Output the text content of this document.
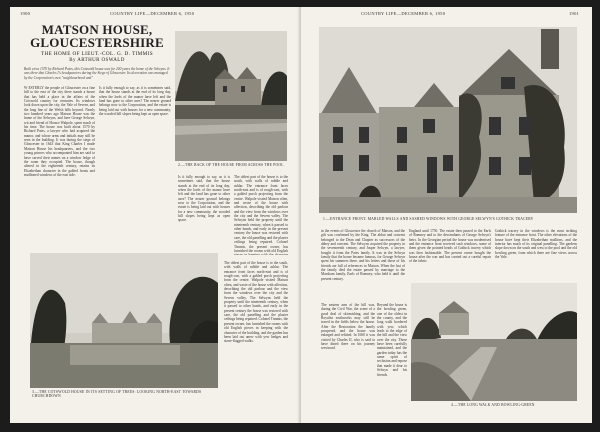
1900	COUNTRY LIFE—DECEMBER 6, 1950
MATSON HOUSE,
GLOUCESTERSHIRE
THE HOME OF LIEUT.-COL. G. D. TIMMIS
By ARTHUR OSWALD
Built circa 1570 by Richard Pates, this Cotswold house was for 200 years the home of the Selwyns. It was there that Charles I's headquarters during the Siege of Gloucester. Its decoration was managed by the Corporation's own "neighbourhood unit"
W ESTERLY the people of Gloucester on a fine hill to the east of the city there stands a house that has held a place in the affairs of the Cotswold country for centuries. Its windows look down upon the city, the Vale of Severn, and the long line of the Welsh hills beyond. Nearly two hundred years ago Matson House was the home of the Selwyns, and here George Selwyn, wit and friend of Horace Walpole, spent much of his time. The house was built about 1570 by Richard Pates, a lawyer who had acquired the manor, and whose arms and initials may still be seen in the building. It was during the siege of Gloucester in 1643 that King Charles I made Matson House his headquarters, and the two young princes who accompanied him are said to have carved their names on a window ledge of the room they occupied. The house, though altered in the eighteenth century, retains its Elizabethan character in the gabled fronts and mullioned windows of the east side.
Is it fully enough to say, as it is sometimes said, that the house stands at the end of its long day, when the lords of the manor have left and the land has gone to other uses? The nearer ground belongs now to the Corporation, and the estate is being laid out with houses for a new community, the wooded hill slopes being kept as open space.
2.—THE BACK OF THE HOUSE FROM ACROSS THE POOL
Is it fully enough to say, as it is sometimes said, that the house stands at the end of its long day, when the lords of the manor have left and the land has gone to other uses? The nearer ground belongs now to the Corporation, and the estate is being laid out with houses for a new community, the wooded hill slopes being kept as open space.
The oldest part of the house is to the south, with walls of rubble and ashlar. The entrance front faces north-east and is of rough-cast, with a gabled porch projecting from the centre. Walpole visited Matson often, and wrote of the house with affection, describing the old parlour and the view from the windows over the city and the Severn valley. The Selwyns held the property until the nineteenth century, when it passed to other hands, and early in the present century the house was restored with care, the old panelling and the plaster ceilings being repaired. Colonel Timmis, the present owner, has furnished the rooms with old English
3.—THE COTSWOLD HOUSE IN ITS SETTING OF TREES: LOOKING NORTH-EAST TOWARDS CHURCHDOWN
The oldest part of the house is to the south, with walls of rubble and ashlar. The entrance front faces north-east and is of rough-cast, with a gabled porch projecting from the centre. Walpole visited Matson often, and wrote of the house with affection, describing the old parlour and the view from the windows over the city and the Severn valley. The Selwyns held the property until the nineteenth century, when it passed to other hands, and early in the present century the house was restored with care, the old panelling and the plaster ceilings being repaired. Colonel Timmis, the present owner, has furnished the rooms with old English pieces in keeping with the character of the building, and the garden has been laid out anew with yew hedges and stone-flagged walks.
COUNTRY LIFE—DECEMBER 6, 1950	1901
1.—ENTRANCE FRONT: MARLED WALLS AND SASHED WINDOWS WITH GEORGE SELWYN'S GOTHICK TRACERY
in the events of Gloucester the church of Matson, and the gift was confirmed by the King. The abbot and convent belonged to the Dean and Chapter as successors of the abbey and convent. The Selwyns acquired the property in the seventeenth century, and Jasper Selwyn, a lawyer, bought it from the Pates family. It was in the Selwyn family that the house became famous, for George Selwyn spent his summers there, and his letters and those of his friends are full of references to Matson. When the last of the family died the estate passed by marriage to the Marsham family, Earls of Romney, who held it until the present century.
England until 1750. The estate then passed to the Earls of Romney and to the descendants of George Selwyn's heirs. In the Georgian period the house was modernised and the entrance front received sash windows, some of them given the pointed heads of Gothick tracery which was then fashionable. The present owner bought the house after the war and has carried out a careful repair of the fabric.
Gothick tracery in the windows is the most striking feature of the entrance front. The other elevations of the house have kept their Elizabethan mullions, and the interior has much of its original panelling. The gardens slope down on the south and west to the pool and the old bowling green, from which there are fine views across the Vale.
The eastern arm of the hill was, during the Civil War, the scene of a good deal of skirmishing, and the Royalist earthworks may still be traced in the fields below the house. After the Restoration the family prospered, and the house was enlarged and refitted. In 1660 it was visited by Charles II, who is said to have dined there on his journey westward.
Beyond the house is the bowling green, one of the oldest in the county, and the long walk bordered with yew, which leads to the edge of the hill and the view over the city. These have been carefully maintained, and the garden today has the same spirit of seclusion and repose that made it dear to Selwyn and his friends.
4.—THE LONG WALK AND BOWLING-GREEN
